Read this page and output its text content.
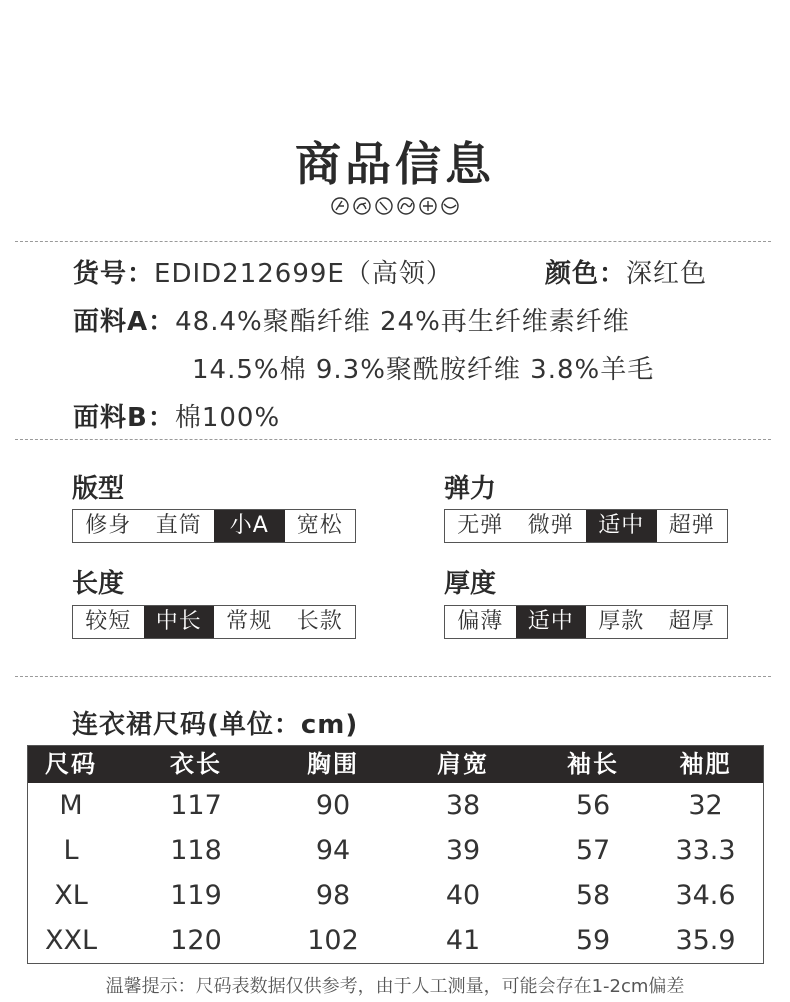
商品信息
货号：EDID212699E（高领）	颜色：深红色
面料A：48.4%聚酯纤维 24%再生纤维素纤维
14.5%棉 9.3%聚酰胺纤维 3.8%羊毛
面料B：棉100%
版型
修身	直筒	小A	宽松
弹力
无弹	微弹	适中	超弹
长度
较短	中长	常规	长款
厚度
偏薄	适中	厚款	超厚
连衣裙尺码(单位：cm)
尺码	衣长	胸围	肩宽	袖长	袖肥
M	117	90	38	56	32
L	118	94	39	57	33.3
XL	119	98	40	58	34.6
XXL	120	102	41	59	35.9
温馨提示：尺码表数据仅供参考，由于人工测量，可能会存在1-2cm偏差
